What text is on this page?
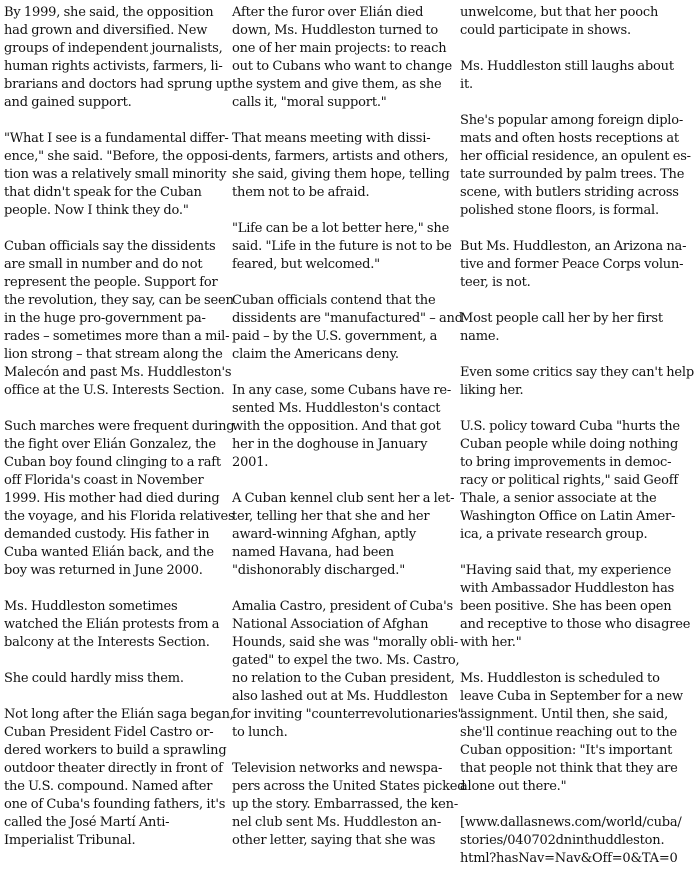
By 1999, she said, the opposition
had grown and diversified. New
groups of independent journalists,
human rights activists, farmers, li-
brarians and doctors had sprung up
and gained support.

"What I see is a fundamental differ-
ence," she said. "Before, the opposi-
tion was a relatively small minority
that didn't speak for the Cuban
people. Now I think they do."

Cuban officials say the dissidents
are small in number and do not
represent the people. Support for
the revolution, they say, can be seen
in the huge pro-government pa-
rades – sometimes more than a mil-
lion strong – that stream along the
Malecón and past Ms. Huddleston's
office at the U.S. Interests Section.

Such marches were frequent during
the fight over Elián Gonzalez, the
Cuban boy found clinging to a raft
off Florida's coast in November
1999. His mother had died during
the voyage, and his Florida relatives
demanded custody. His father in
Cuba wanted Elián back, and the
boy was returned in June 2000.

Ms. Huddleston sometimes
watched the Elián protests from a
balcony at the Interests Section.

She could hardly miss them.

Not long after the Elián saga began,
Cuban President Fidel Castro or-
dered workers to build a sprawling
outdoor theater directly in front of
the U.S. compound. Named after
one of Cuba's founding fathers, it's
called the José Martí Anti-
Imperialist Tribunal.

After the furor over Elián died
down, Ms. Huddleston turned to
one of her main projects: to reach
out to Cubans who want to change
the system and give them, as she
calls it, "moral support."

That means meeting with dissi-
dents, farmers, artists and others,
she said, giving them hope, telling
them not to be afraid.

"Life can be a lot better here," she
said. "Life in the future is not to be
feared, but welcomed."

Cuban officials contend that the
dissidents are "manufactured" – and
paid – by the U.S. government, a
claim the Americans deny.

In any case, some Cubans have re-
sented Ms. Huddleston's contact
with the opposition. And that got
her in the doghouse in January
2001.

A Cuban kennel club sent her a let-
ter, telling her that she and her
award-winning Afghan, aptly
named Havana, had been
"dishonorably discharged."

Amalia Castro, president of Cuba's
National Association of Afghan
Hounds, said she was "morally obli-
gated" to expel the two. Ms. Castro,
no relation to the Cuban president,
also lashed out at Ms. Huddleston
for inviting "counterrevolutionaries"
to lunch.

Television networks and newspa-
pers across the United States picked
up the story. Embarrassed, the ken-
nel club sent Ms. Huddleston an-
other letter, saying that she was

unwelcome, but that her pooch
could participate in shows.

Ms. Huddleston still laughs about
it.

She's popular among foreign diplo-
mats and often hosts receptions at
her official residence, an opulent es-
tate surrounded by palm trees. The
scene, with butlers striding across
polished stone floors, is formal.

But Ms. Huddleston, an Arizona na-
tive and former Peace Corps volun-
teer, is not.

Most people call her by her first
name.

Even some critics say they can't help
liking her.

U.S. policy toward Cuba "hurts the
Cuban people while doing nothing
to bring improvements in democ-
racy or political rights," said Geoff
Thale, a senior associate at the
Washington Office on Latin Amer-
ica, a private research group.

"Having said that, my experience
with Ambassador Huddleston has
been positive. She has been open
and receptive to those who disagree
with her."

Ms. Huddleston is scheduled to
leave Cuba in September for a new
assignment. Until then, she said,
she'll continue reaching out to the
Cuban opposition: "It's important
that people not think that they are
alone out there."

[www.dallasnews.com/world/cuba/
stories/040702dninthuddleston.
html?hasNav=Nav&Off=0&TA=0
